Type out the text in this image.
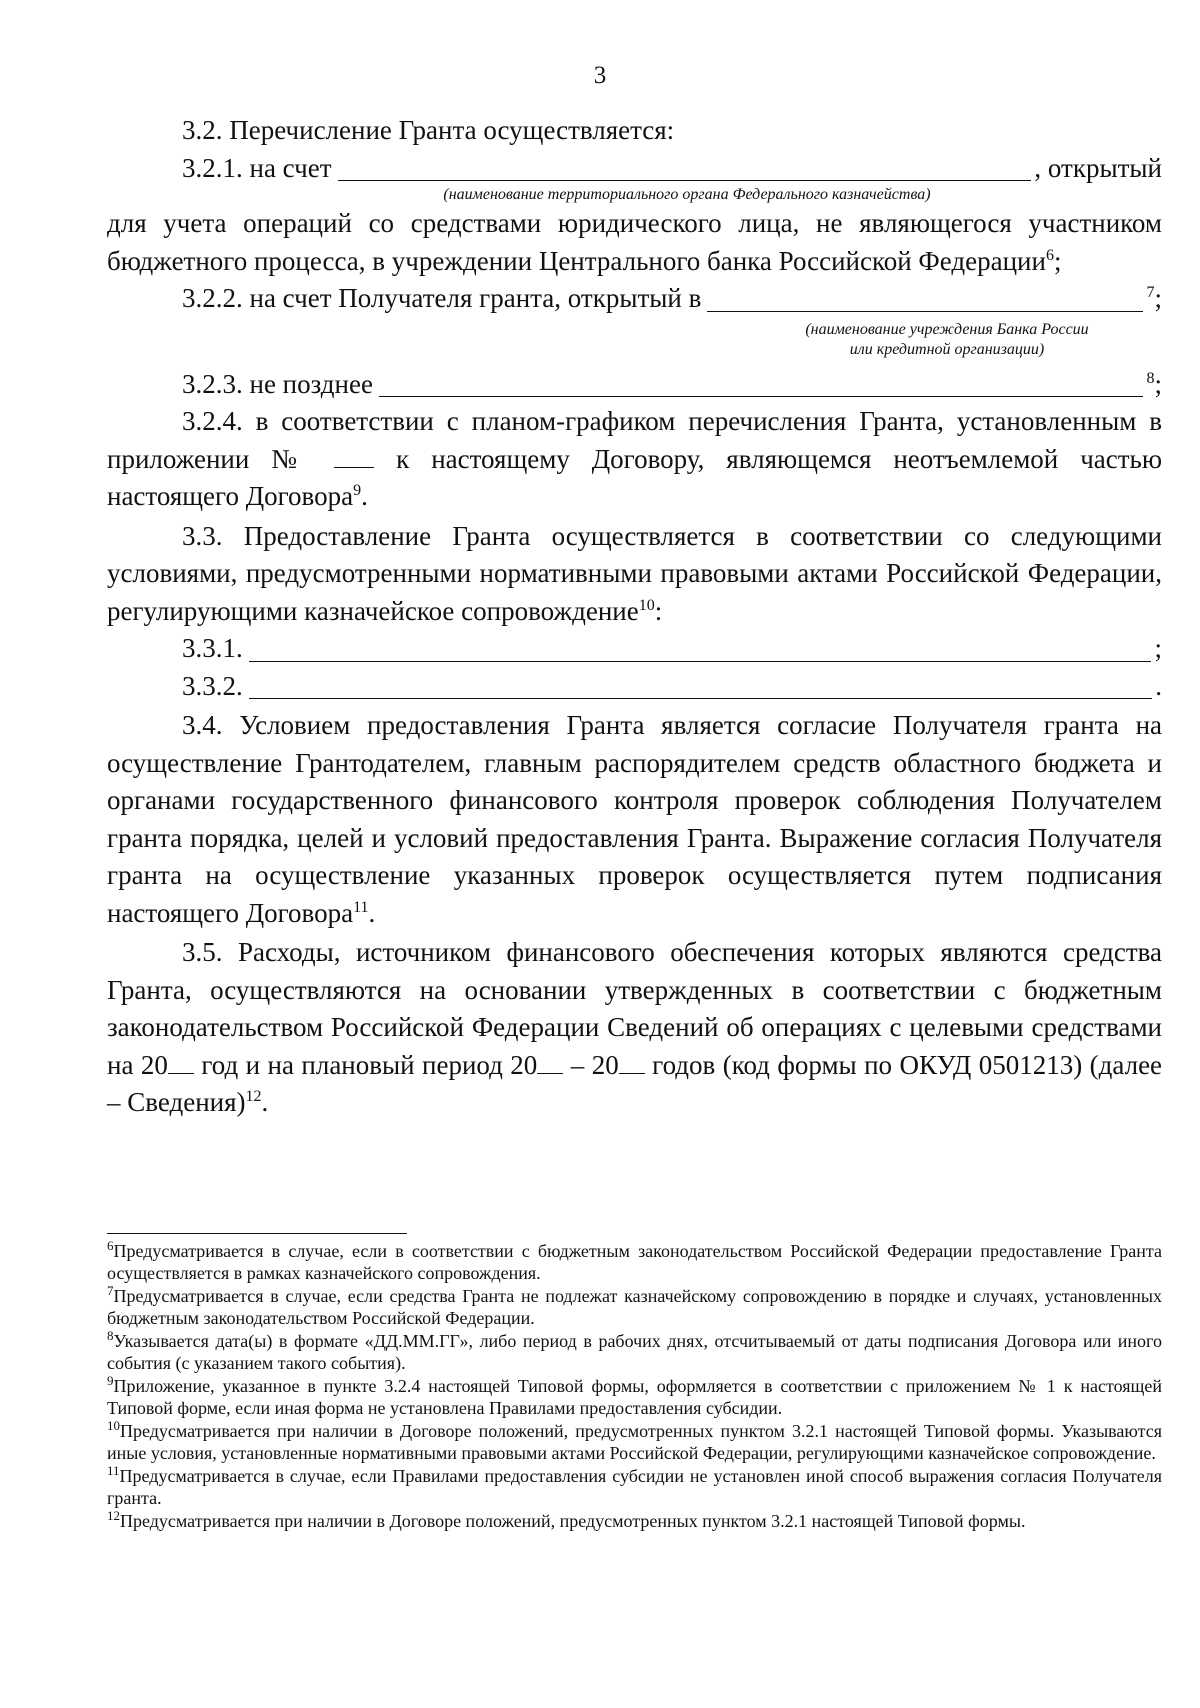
3

3.2. Перечисление Гранта осуществляется:

3.2.1. на счет	, открытый
(наименование территориального органа Федерального казначейства)

для учета операций со средствами юридического лица, не являющегося участником бюджетного процесса, в учреждении Центрального банка Российской Федерации$^6$;

3.2.2. на счет Получателя гранта, открытый в	$^7$;
(наименование учреждения Банка России
или кредитной организации)
3.2.3. не позднее	$^8$;

3.2.4. в соответствии с планом-графиком перечисления Гранта, установленным в приложении №	к настоящему Договору, являющемся неотъемлемой частью настоящего Договора$^9$.

3.3. Предоставление Гранта осуществляется в соответствии со следующими условиями, предусмотренными нормативными правовыми актами Российской Федерации, регулирующими казначейское сопровождение$^{10}$:

3.3.1.	;
3.3.2.	.

3.4. Условием предоставления Гранта является согласие Получателя гранта на осуществление Грантодателем, главным распорядителем средств областного бюджета и органами государственного финансового контроля проверок соблюдения Получателем гранта порядка, целей и условий предоставления Гранта. Выражение согласия Получателя гранта на осуществление указанных проверок осуществляется путем подписания настоящего Договора$^{11}$.

3.5. Расходы, источником финансового обеспечения которых являются средства Гранта, осуществляются на основании утвержденных в соответствии с бюджетным законодательством Российской Федерации Сведений об операциях с целевыми средствами на 20 год и на плановый период 20 – 20 годов (код формы по ОКУД 0501213) (далее – Сведения)$^{12}$.

$^6$Предусматривается в случае, если в соответствии с бюджетным законодательством Российской Федерации предоставление Гранта осуществляется в рамках казначейского сопровождения.

$^7$Предусматривается в случае, если средства Гранта не подлежат казначейскому сопровождению в порядке и случаях, установленных бюджетным законодательством Российской Федерации.

$^8$Указывается дата(ы) в формате «ДД.ММ.ГГ», либо период в рабочих днях, отсчитываемый от даты подписания Договора или иного события (с указанием такого события).

$^9$Приложение, указанное в пункте 3.2.4 настоящей Типовой формы, оформляется в соответствии с приложением № 1 к настоящей Типовой форме, если иная форма не установлена Правилами предоставления субсидии.

$^{10}$Предусматривается при наличии в Договоре положений, предусмотренных пунктом 3.2.1 настоящей Типовой формы. Указываются иные условия, установленные нормативными правовыми актами Российской Федерации, регулирующими казначейское сопровождение.

$^{11}$Предусматривается в случае, если Правилами предоставления субсидии не установлен иной способ выражения согласия Получателя гранта.

$^{12}$Предусматривается при наличии в Договоре положений, предусмотренных пунктом 3.2.1 настоящей Типовой формы.
